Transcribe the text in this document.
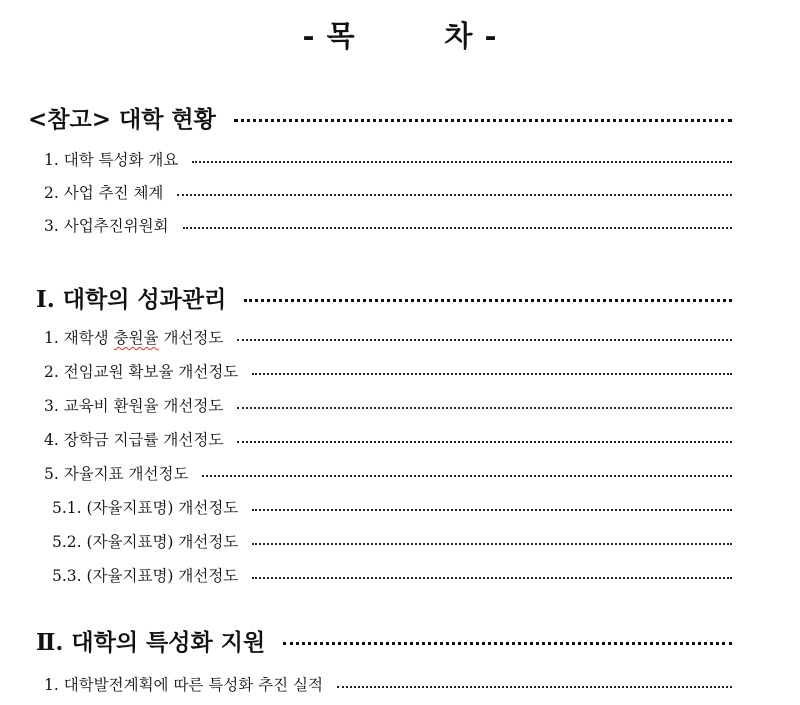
- 목        차 -
<참고> 대학 현황
1. 대학 특성화 개요
2. 사업 추진 체계
3. 사업추진위원회
Ⅰ. 대학의 성과관리
1. 재학생 충원율 개선정도
2. 전임교원 확보율 개선정도
3. 교육비 환원율 개선정도
4. 장학금 지급률 개선정도
5. 자율지표 개선정도
5.1. (자율지표명) 개선정도
5.2. (자율지표명) 개선정도
5.3. (자율지표명) 개선정도
Ⅱ. 대학의 특성화 지원
1. 대학발전계획에 따른 특성화 추진 실적
